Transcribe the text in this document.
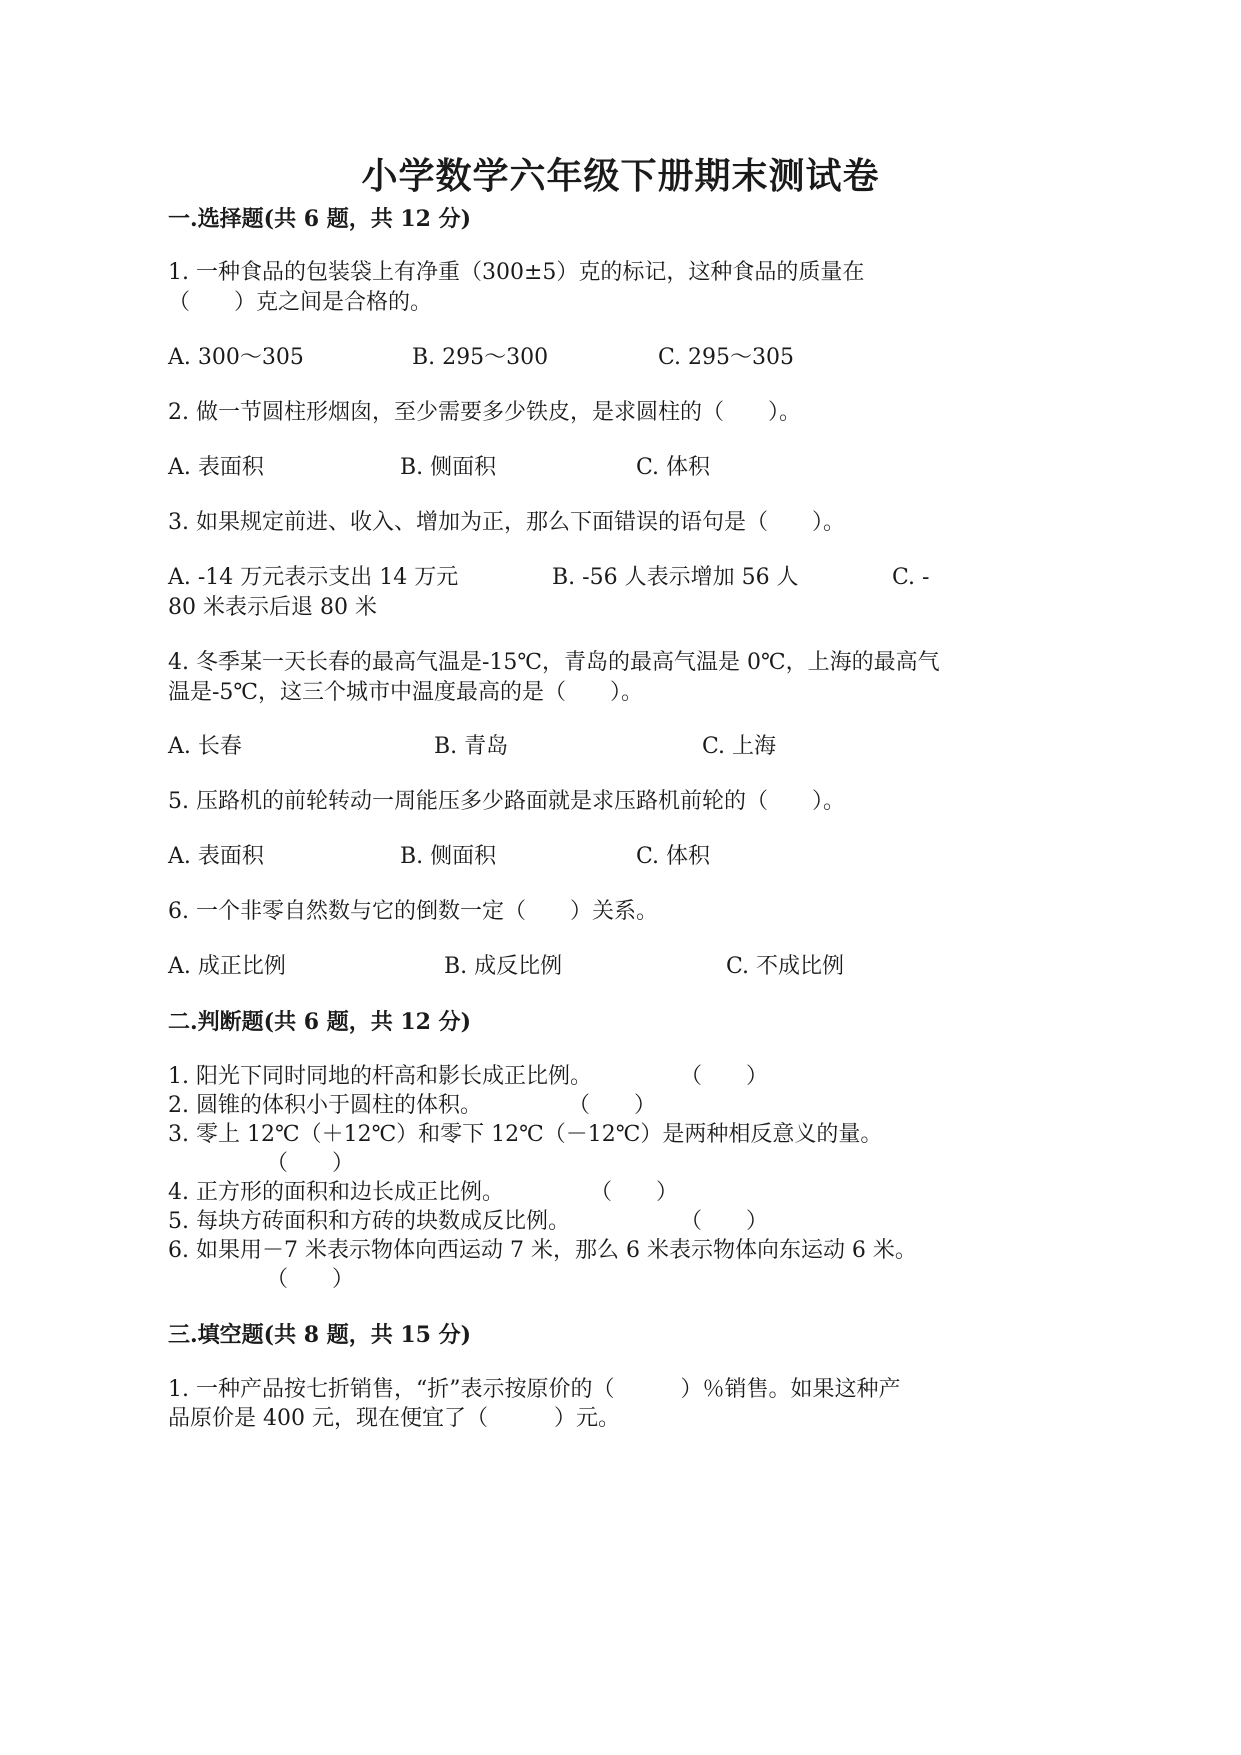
小学数学六年级下册期末测试卷
一.选择题(共 6 题，共 12 分)
1. 一种食品的包装袋上有净重（300±5）克的标记，这种食品的质量在
（　　）克之间是合格的。
A. 300～305	B. 295～300	C. 295～305
2. 做一节圆柱形烟囱，至少需要多少铁皮，是求圆柱的（　　）。
A. 表面积	B. 侧面积	C. 体积
3. 如果规定前进、收入、增加为正，那么下面错误的语句是（　　）。
A. -14 万元表示支出 14 万元	B. -56 人表示增加 56 人	C. -
80 米表示后退 80 米
4. 冬季某一天长春的最高气温是-15℃，青岛的最高气温是 0℃，上海的最高气
温是-5℃，这三个城市中温度最高的是（　　）。
A. 长春	B. 青岛	C. 上海
5. 压路机的前轮转动一周能压多少路面就是求压路机前轮的（　　）。
A. 表面积	B. 侧面积	C. 体积
6. 一个非零自然数与它的倒数一定（　　）关系。
A. 成正比例	B. 成反比例	C. 不成比例
二.判断题(共 6 题，共 12 分)
1. 阳光下同时同地的杆高和影长成正比例。	（　　）
2. 圆锥的体积小于圆柱的体积。	（　　）
3. 零上 12℃（＋12℃）和零下 12℃（－12℃）是两种相反意义的量。
（　　）
4. 正方形的面积和边长成正比例。	（　　）
5. 每块方砖面积和方砖的块数成反比例。	（　　）
6. 如果用－7 米表示物体向西运动 7 米，那么 6 米表示物体向东运动 6 米。
（　　）
三.填空题(共 8 题，共 15 分)
1. 一种产品按七折销售，“折”表示按原价的（　　　）％销售。如果这种产
品原价是 400 元，现在便宜了（　　　）元。
